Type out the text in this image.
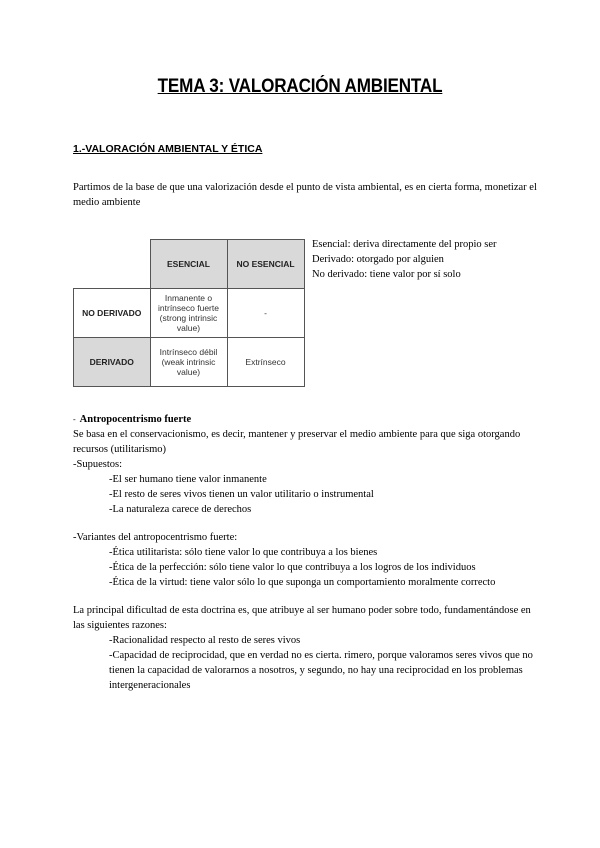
TEMA 3: VALORACIÓN AMBIENTAL
1.-VALORACIÓN AMBIENTAL Y ÉTICA
Partimos de la base de que una valorización desde el punto de vista ambiental, es en cierta forma, monetizar el medio ambiente
	ESENCIAL	NO ESENCIAL
NO DERIVADO	Inmanente o intrínseco fuerte (strong intrinsic value)	-
DERIVADO	Intrínseco débil (weak intrinsic value)	Extrínseco
Esencial: deriva directamente del propio ser
Derivado: otorgado por alguien
No derivado: tiene valor por sí solo
- Antropocentrismo fuerte
Se basa en el conservacionismo, es decir, mantener y preservar el medio ambiente para que siga otorgando recursos (utilitarismo)
-Supuestos:
-El ser humano tiene valor inmanente
-El resto de seres vivos tienen un valor utilitario o instrumental
-La naturaleza carece de derechos
-Variantes del antropocentrismo fuerte:
-Ética utilitarista: sólo tiene valor lo que contribuya a los bienes
-Ética de la perfección: sólo tiene valor lo que contribuya a los logros de los individuos
-Ética de la virtud: tiene valor sólo lo que suponga un comportamiento moralmente correcto
La principal dificultad de esta doctrina es, que atribuye al ser humano poder sobre todo, fundamentándose en las siguientes razones:
-Racionalidad respecto al resto de seres vivos
-Capacidad de reciprocidad, que en verdad no es cierta. rimero, porque valoramos seres vivos que no tienen la capacidad de valorarnos a nosotros, y segundo, no hay una reciprocidad en los problemas intergeneracionales
